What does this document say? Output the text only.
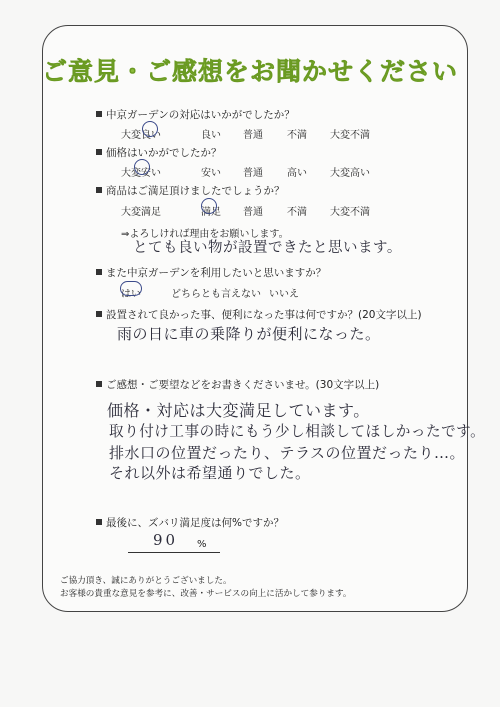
ご意見・ご感想をお聞かせください
中京ガーデンの対応はいかがでしたか？
大変良い	良い 普通 不満 大変不満
価格はいかがでしたか？
大変安い	安い 普通 高い 大変高い
商品はご満足頂けましたでしょうか？
大変満足	満足 普通 不満 大変不満
⇒よろしければ理由をお願いします。
とても良い物が設置できたと思います。
また中京ガーデンを利用したいと思いますか？
はい	どちらとも言えない いいえ
設置されて良かった事、便利になった事は何ですか？(20文字以上)
雨の日に車の乗降りが便利になった。
ご感想・ご要望などをお書きくださいませ。(30文字以上)
価格・対応は大変満足しています。
取り付け工事の時にもう少し相談してほしかったです。
排水口の位置だったり、テラスの位置だったり…。
それ以外は希望通りでした。
最後に、ズバリ満足度は何%ですか？
90 %
ご協力頂き、誠にありがとうございました。
お客様の貴重な意見を参考に、改善・サービスの向上に活かして参ります。
